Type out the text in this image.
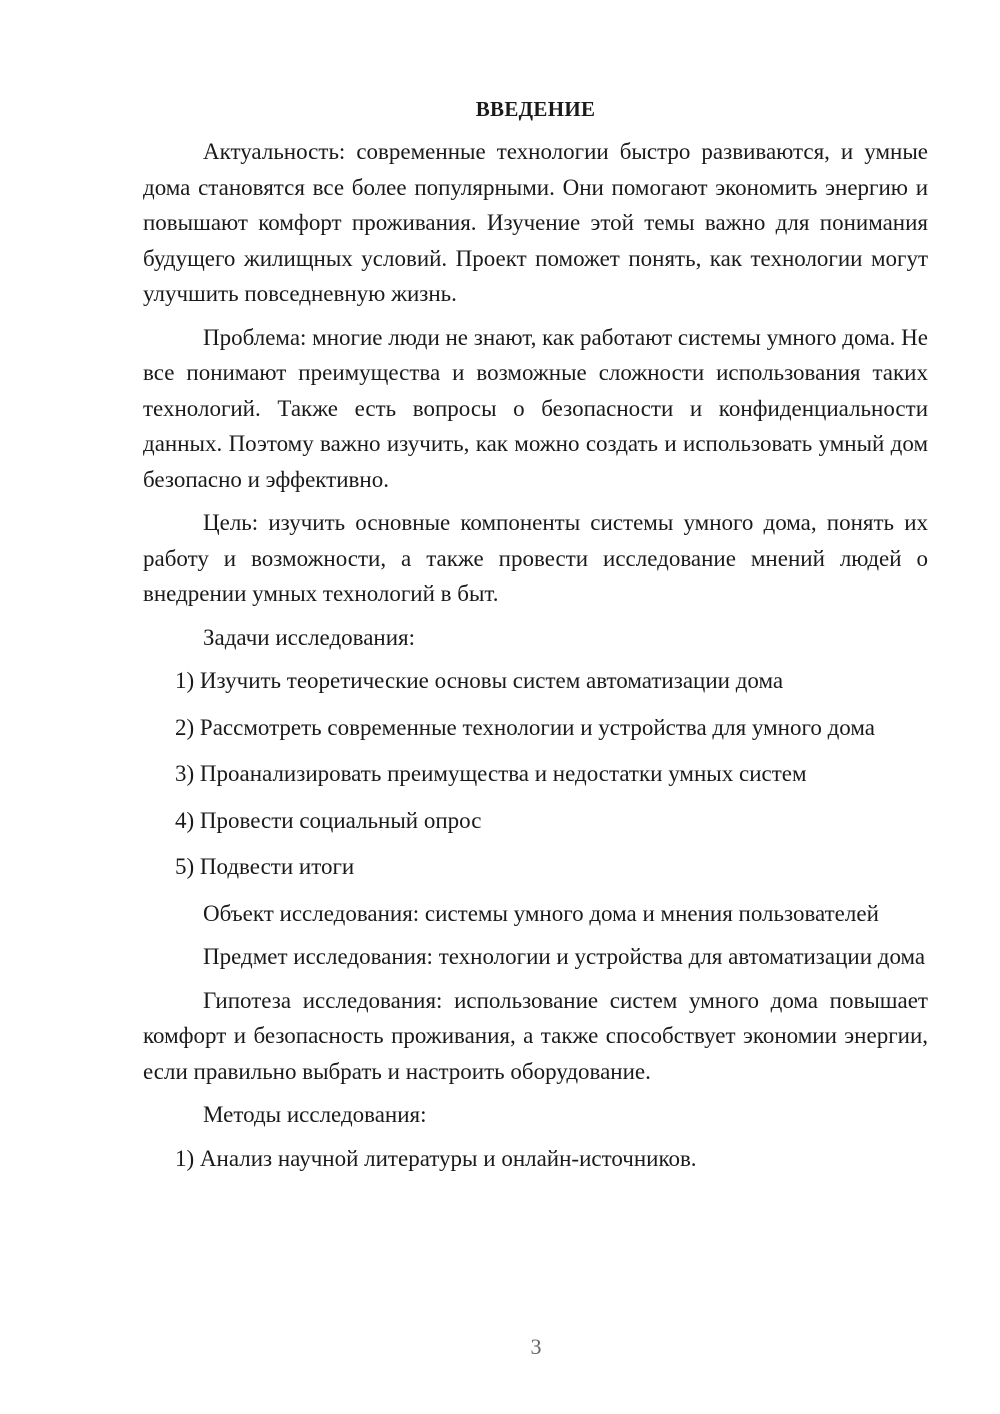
ВВЕДЕНИЕ

Актуальность: современные технологии быстро развиваются, и умные дома становятся все более популярными. Они помогают экономить энергию и повышают комфорт проживания. Изучение этой темы важно для понимания будущего жилищных условий. Проект поможет понять, как технологии могут улучшить повседневную жизнь.

Проблема: многие люди не знают, как работают системы умного дома. Не все понимают преимущества и возможные сложности использования таких технологий. Также есть вопросы о безопасности и конфиденциальности данных. Поэтому важно изучить, как можно создать и использовать умный дом безопасно и эффективно.

Цель: изучить основные компоненты системы умного дома, понять их работу и возможности, а также провести исследование мнений людей о внедрении умных технологий в быт.

Задачи исследования:

1) Изучить теоретические основы систем автоматизации дома

2) Рассмотреть современные технологии и устройства для умного дома

3) Проанализировать преимущества и недостатки умных систем

4) Провести социальный опрос

5) Подвести итоги

Объект исследования: системы умного дома и мнения пользователей

Предмет исследования: технологии и устройства для автоматизации дома

Гипотеза исследования: использование систем умного дома повышает комфорт и безопасность проживания, а также способствует экономии энергии, если правильно выбрать и настроить оборудование.

Методы исследования:

1) Анализ научной литературы и онлайн-источников.

3
